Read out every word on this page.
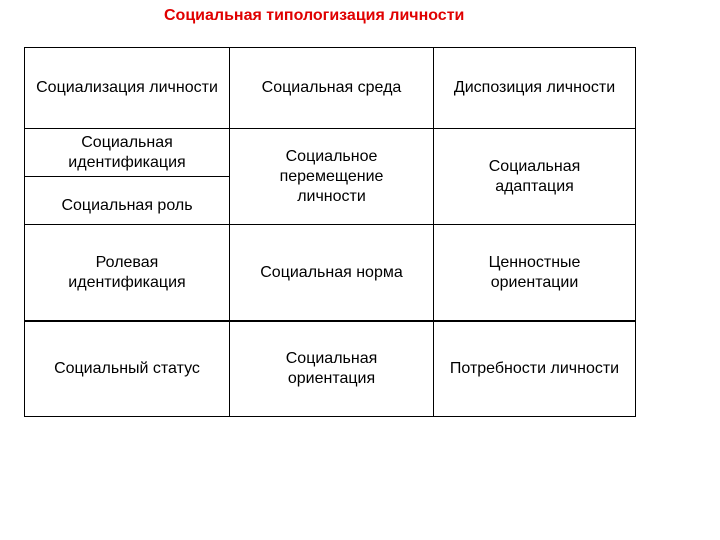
Социальная типологизация личности
Социализация личности	Социальная среда	Диспозиция личности
Социальная идентификация
Социальная роль
Социальное перемещение личности
Социальная адаптация
Ролевая идентификация
Социальная норма
Ценностные ориентации
Социальный статус
Социальная ориентация
Потребности личности
